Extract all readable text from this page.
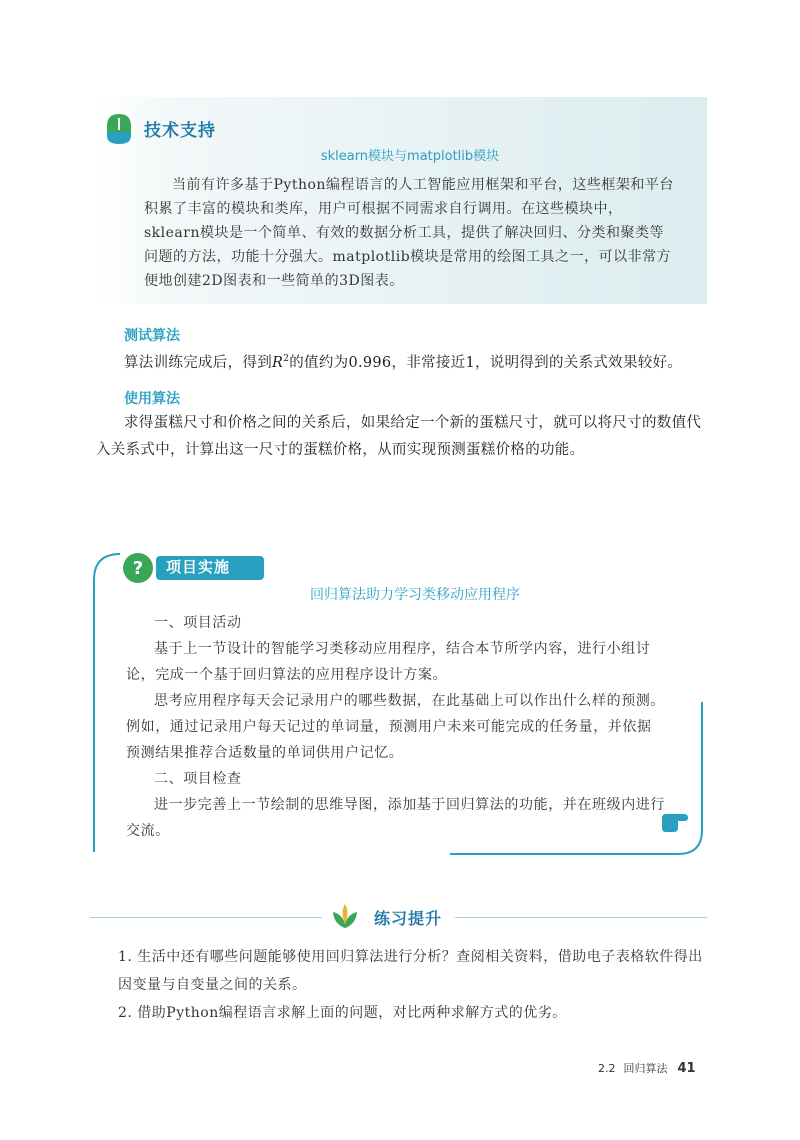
技术支持
sklearn模块与matplotlib模块
当前有许多基于Python编程语言的人工智能应用框架和平台，这些框架和平台积累了丰富的模块和类库，用户可根据不同需求自行调用。在这些模块中，sklearn模块是一个简单、有效的数据分析工具，提供了解决回归、分类和聚类等问题的方法，功能十分强大。matplotlib模块是常用的绘图工具之一，可以非常方便地创建2D图表和一些简单的3D图表。
测试算法
算法训练完成后，得到$R^2$的值约为0.996，非常接近1，说明得到的关系式效果较好。
使用算法
求得蛋糕尺寸和价格之间的关系后，如果给定一个新的蛋糕尺寸，就可以将尺寸的数值代入关系式中，计算出这一尺寸的蛋糕价格，从而实现预测蛋糕价格的功能。
? 项目实施
回归算法助力学习类移动应用程序

一、项目活动

基于上一节设计的智能学习类移动应用程序，结合本节所学内容，进行小组讨论，完成一个基于回归算法的应用程序设计方案。

思考应用程序每天会记录用户的哪些数据，在此基础上可以作出什么样的预测。例如，通过记录用户每天记过的单词量，预测用户未来可能完成的任务量，并依据预测结果推荐合适数量的单词供用户记忆。

二、项目检查

进一步完善上一节绘制的思维导图，添加基于回归算法的功能，并在班级内进行交流。

练习提升

1. 生活中还有哪些问题能够使用回归算法进行分析？查阅相关资料，借助电子表格软件得出因变量与自变量之间的关系。

2. 借助Python编程语言求解上面的问题，对比两种求解方式的优劣。

2.2 回归算法 41
